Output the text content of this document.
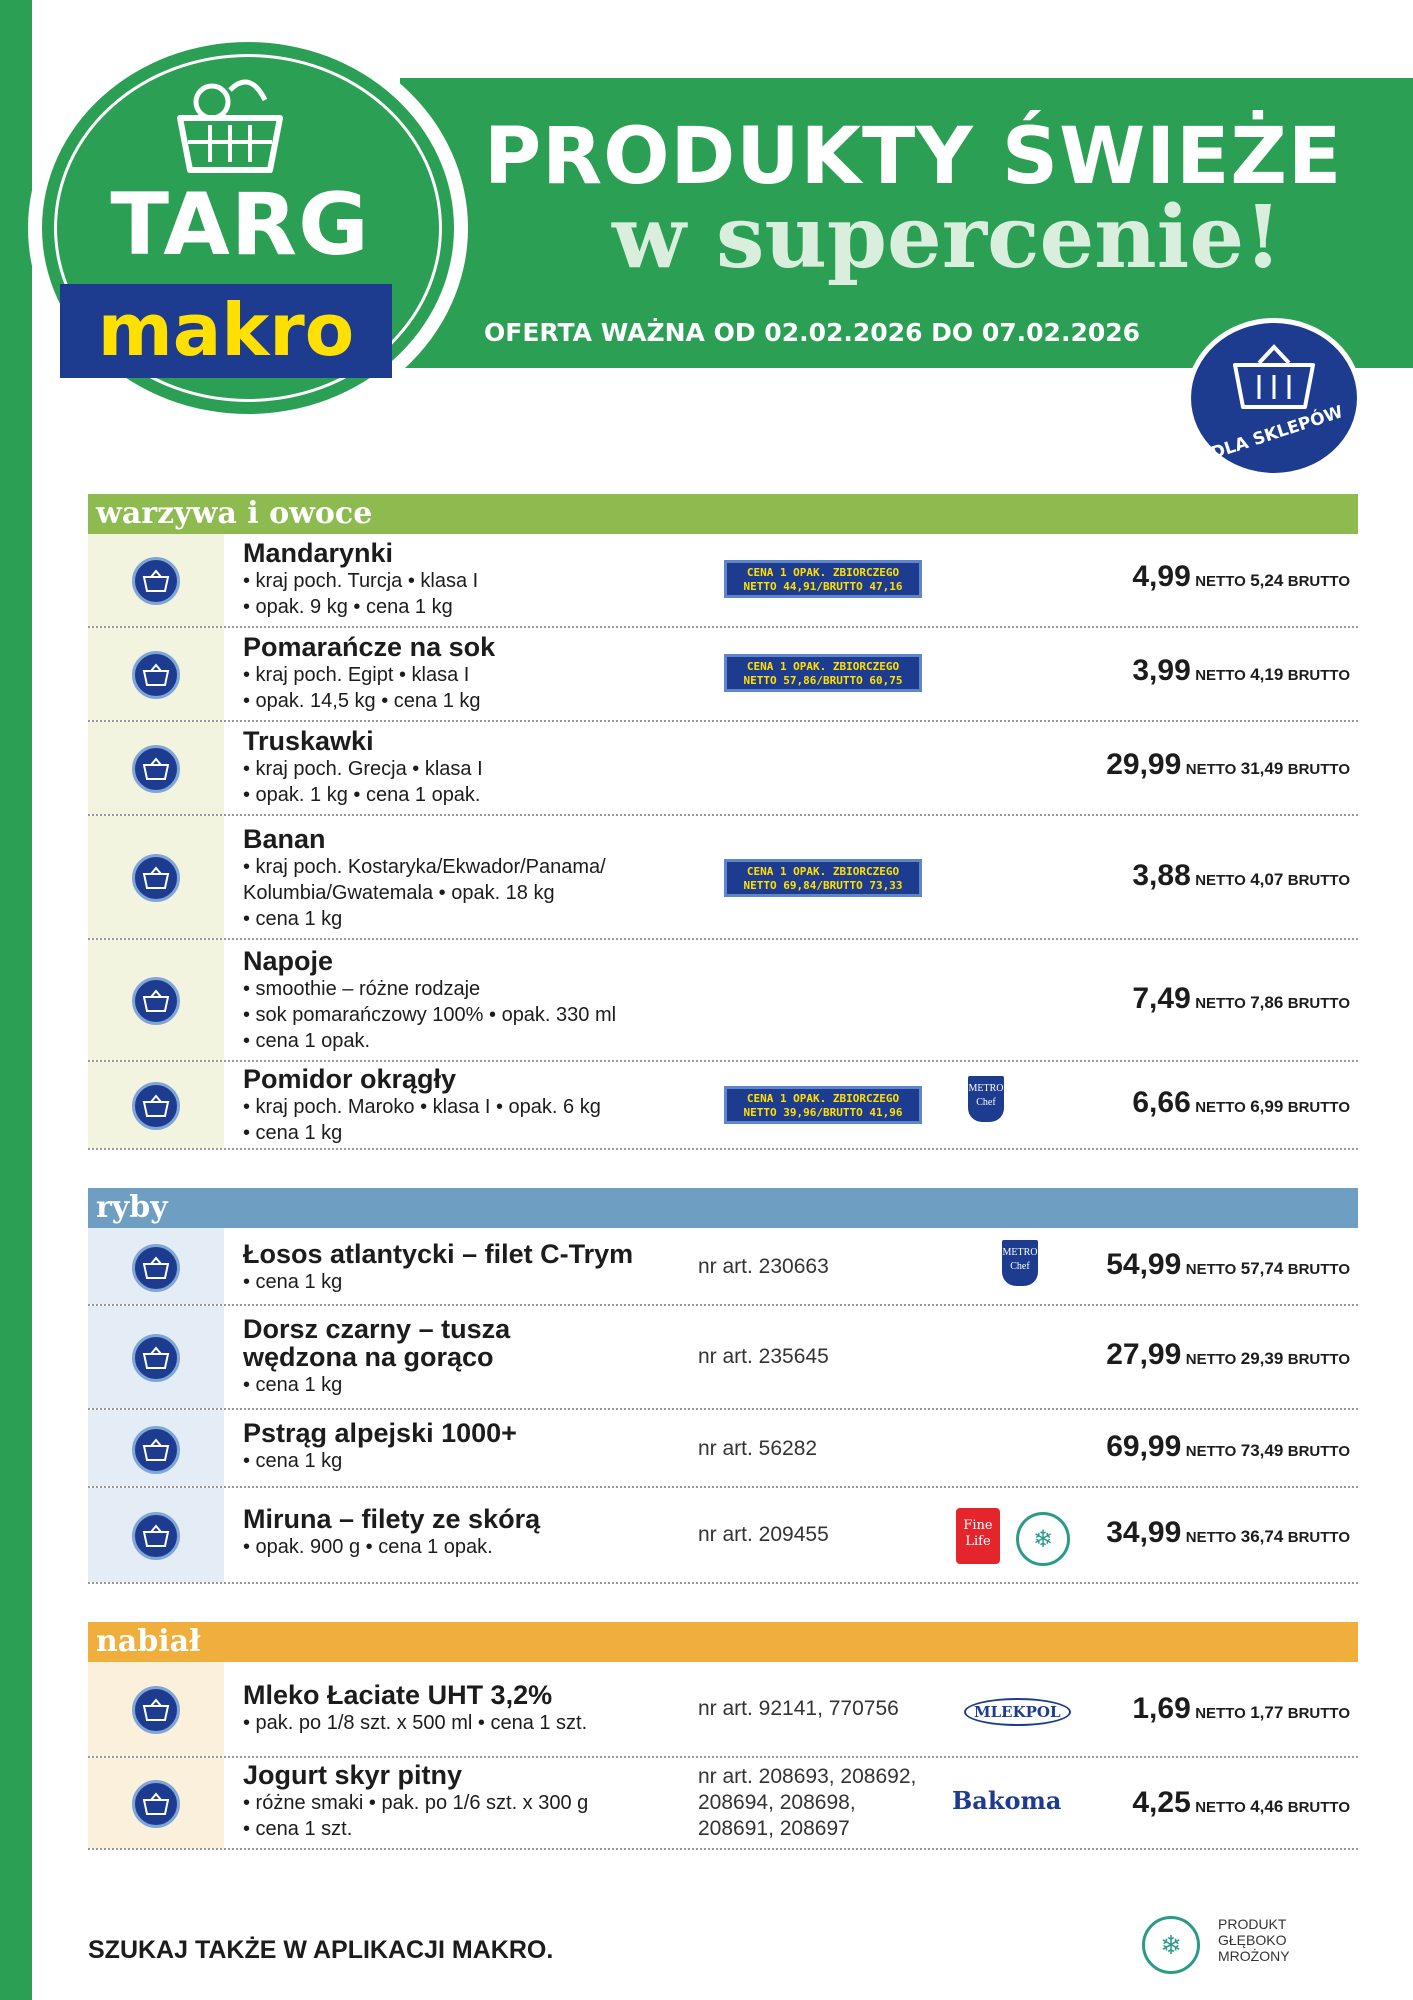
TARG
makro
PRODUKTY ŚWIEŻE
w supercenie!
OFERTA WAŻNA OD 02.02.2026 DO 07.02.2026
DLA SKLEPÓW
warzywa i owoce
Mandarynki
• kraj poch. Turcja • klasa I
• opak. 9 kg • cena 1 kg
CENA 1 OPAK. ZBIORCZEGO
NETTO 44,91/BRUTTO 47,16	4,99 NETTO 5,24 BRUTTO
Pomarańcze na sok
• kraj poch. Egipt • klasa I
• opak. 14,5 kg • cena 1 kg
CENA 1 OPAK. ZBIORCZEGO
NETTO 57,86/BRUTTO 60,75	3,99 NETTO 4,19 BRUTTO
Truskawki
• kraj poch. Grecja • klasa I
• opak. 1 kg • cena 1 opak.
29,99 NETTO 31,49 BRUTTO
Banan
• kraj poch. Kostaryka/Ekwador/Panama/
Kolumbia/Gwatemala • opak. 18 kg
• cena 1 kg
CENA 1 OPAK. ZBIORCZEGO
NETTO 69,84/BRUTTO 73,33	3,88 NETTO 4,07 BRUTTO
Napoje
• smoothie – różne rodzaje
• sok pomarańczowy 100% • opak. 330 ml
• cena 1 opak.
7,49 NETTO 7,86 BRUTTO
Pomidor okrągły
• kraj poch. Maroko • klasa I • opak. 6 kg
• cena 1 kg
CENA 1 OPAK. ZBIORCZEGO
NETTO 39,96/BRUTTO 41,96
METRO Chef	6,66 NETTO 6,99 BRUTTO
ryby
Łosos atlantycki – filet C-Trym
• cena 1 kg
nr art. 230663
METRO Chef	54,99 NETTO 57,74 BRUTTO
Dorsz czarny – tusza
wędzona na gorąco
• cena 1 kg
nr art. 235645	27,99 NETTO 29,39 BRUTTO
Pstrąg alpejski 1000+
• cena 1 kg
nr art. 56282	69,99 NETTO 73,49 BRUTTO
Miruna – filety ze skórą
• opak. 900 g • cena 1 opak.
nr art. 209455	Fine Life	❄	34,99 NETTO 36,74 BRUTTO
nabiał
Mleko Łaciate UHT 3,2%
• pak. po 1/8 szt. x 500 ml • cena 1 szt.
nr art. 92141, 770756	MLEKPOL	1,69 NETTO 1,77 BRUTTO
Jogurt skyr pitny
• różne smaki • pak. po 1/6 szt. x 300 g
• cena 1 szt.
nr art. 208693, 208692,
208694, 208698,
208691, 208697
Bakoma 4,25 NETTO 4,46 BRUTTO
SZUKAJ TAKŻE W APLIKACJI MAKRO.	❄
PRODUKT
GŁĘBOKO
MROŻONY
